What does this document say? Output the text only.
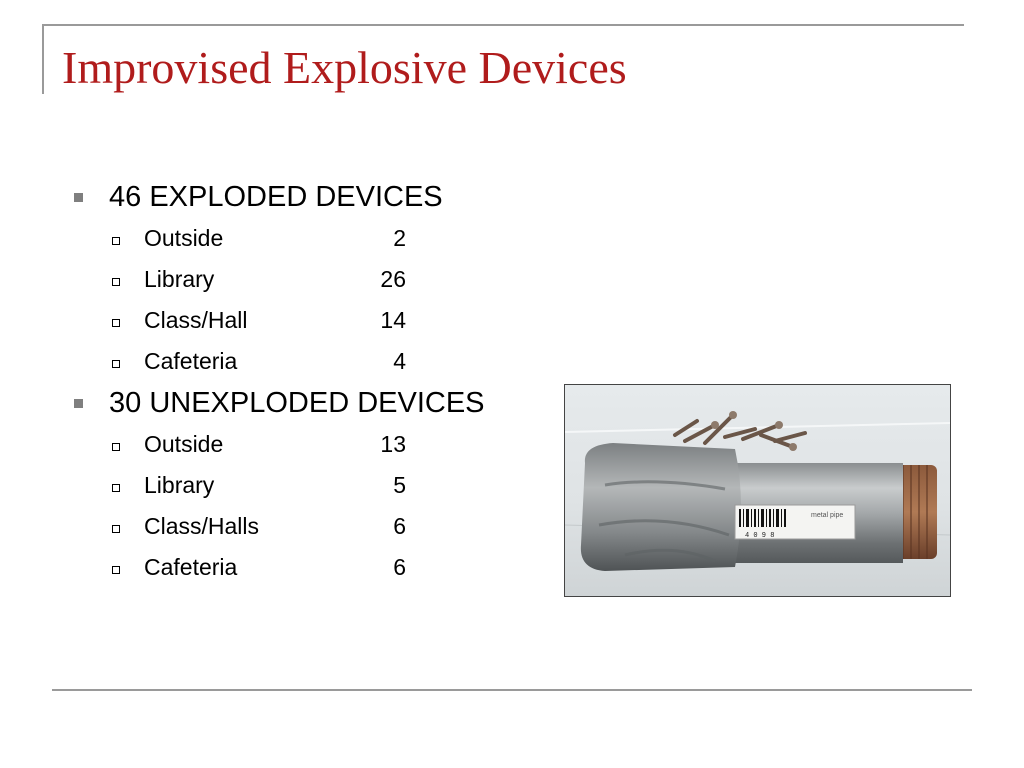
Improvised Explosive Devices
46 EXPLODED DEVICES
Outside	2
Library	26
Class/Hall	14
Cafeteria	4
30 UNEXPLODED DEVICES
Outside	13
Library	5
Class/Halls	6
Cafeteria	6
4 0 9 8
metal pipe
